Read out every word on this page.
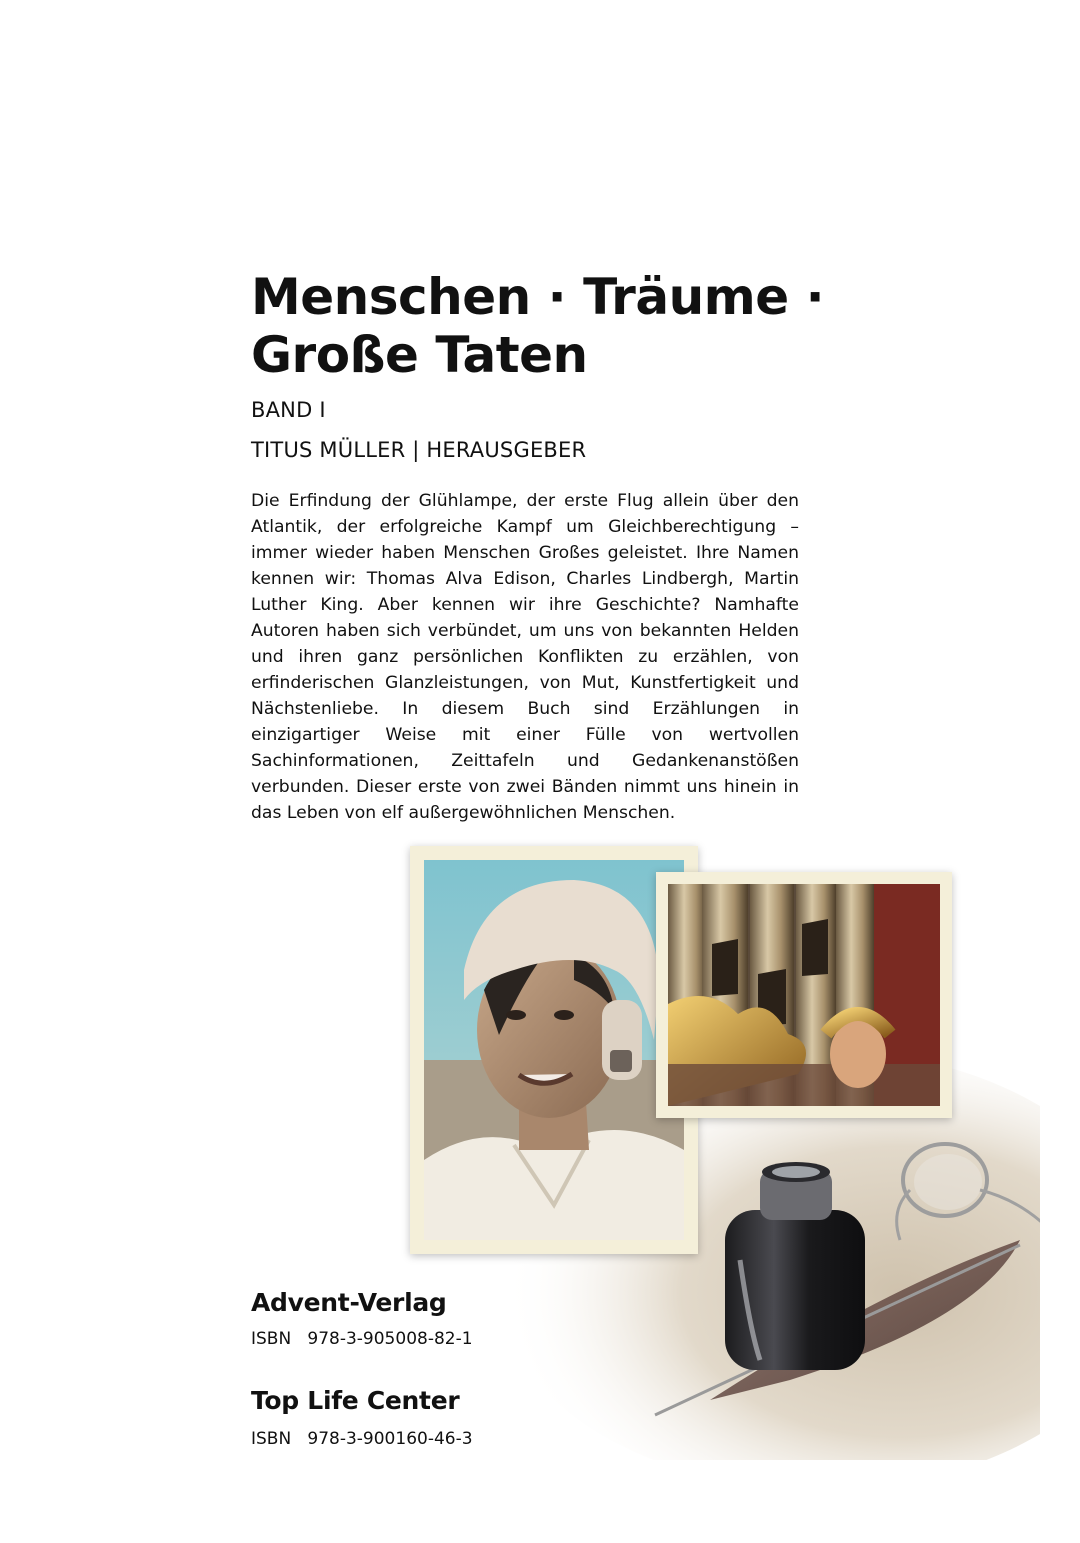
Menschen · Träume ·
Große Taten
BAND I
TITUS MÜLLER | HERAUSGEBER

Die Erfindung der Glühlampe, der erste Flug allein über den Atlantik, der erfolgreiche Kampf um Gleichberechtigung – immer wieder haben Menschen Großes geleistet. Ihre Namen kennen wir: Thomas Alva Edison, Charles Lindbergh, Martin Luther King. Aber kennen wir ihre Geschichte? Namhafte Autoren haben sich verbündet, um uns von bekannten Helden und ihren ganz persönlichen Konflikten zu erzählen, von erfinderischen Glanzleistungen, von Mut, Kunstfertigkeit und Nächstenliebe. In diesem Buch sind Erzählungen in einzigartiger Weise mit einer Fülle von wertvollen Sachinformationen, Zeittafeln und Gedankenanstößen verbunden. Dieser erste von zwei Bänden nimmt uns hinein in das Leben von elf außergewöhnlichen Menschen.

Advent-Verlag
ISBN   978-3-905008-82-1
Top Life Center
ISBN   978-3-900160-46-3
